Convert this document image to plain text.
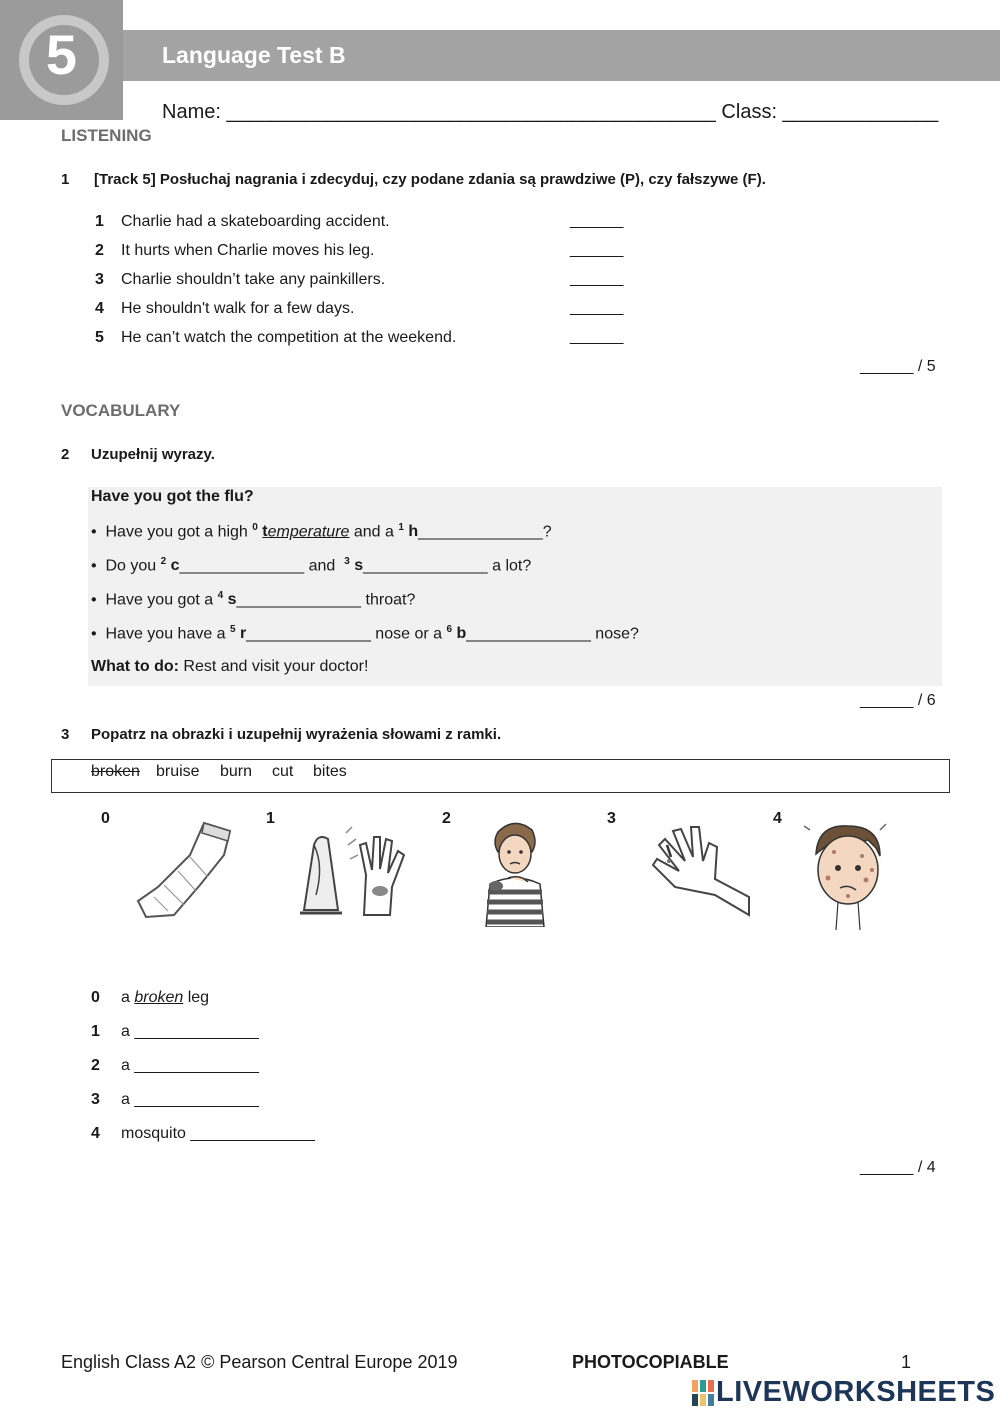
5	Language Test B
Name: ____________________________________________ Class: ______________
LISTENING
1 [Track 5] Posłuchaj nagrania i zdecyduj, czy podane zdania są prawdziwe (P), czy fałszywe (F).
1 Charlie had a skateboarding accident.	______
2 It hurts when Charlie moves his leg.	______
3 Charlie shouldn’t take any painkillers.	______
4 He shouldn't walk for a few days.	______
5 He can’t watch the competition at the weekend.	______
______ / 5
VOCABULARY
2 Uzupełnij wyrazy.
Have you got the flu?
• Have you got a high $^0$ temperature and a $^1$ h______________?
• Do you $^2$ c______________ and  $^3$ s______________ a lot?
• Have you got a $^4$ s______________ throat?
• Have you have a $^5$ r______________ nose or a $^6$ b______________ nose?
What to do: Rest and visit your doctor!
______ / 6
3 Popatrz na obrazki i uzupełnij wyrażenia słowami z ramki.
broken bruise burn cut bites
0	1	2	3	4
0 a broken leg
1 a ______________
2 a ______________
3 a ______________
4 mosquito ______________
______ / 4
English Class A2 © Pearson Central Europe 2019	PHOTOCOPIABLE	1
LIVEWORKSHEETS
